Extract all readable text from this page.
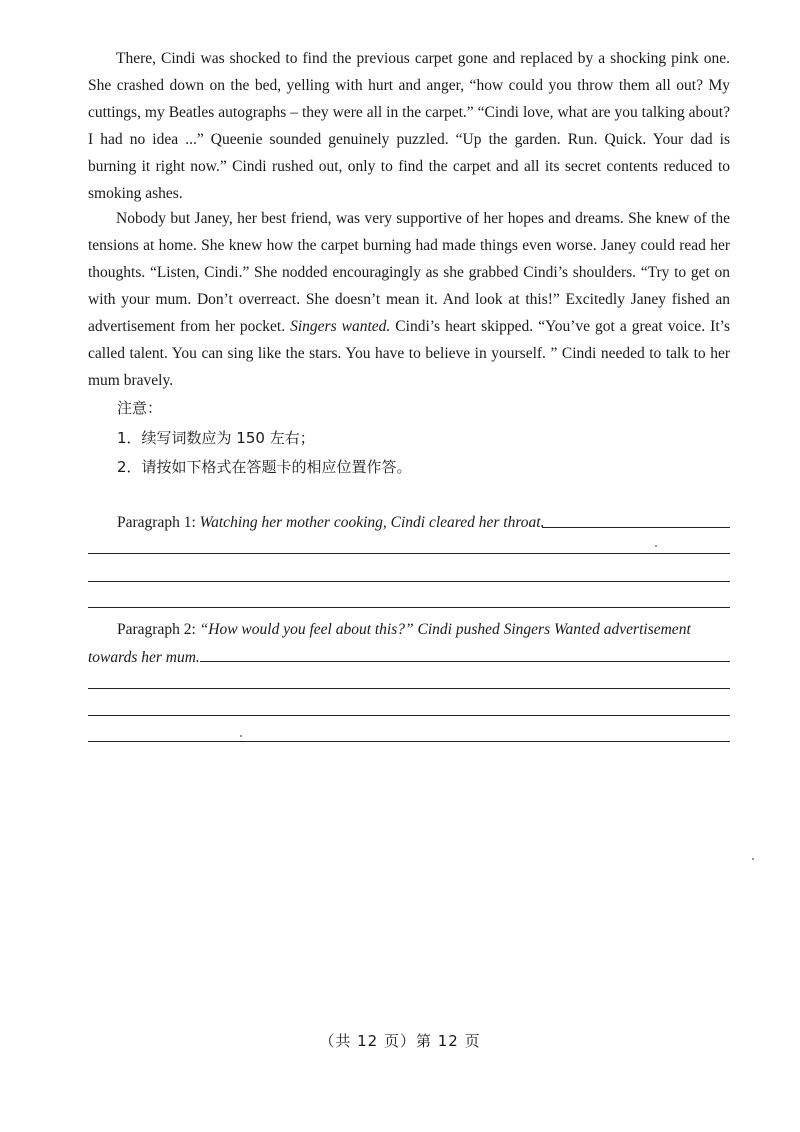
There, Cindi was shocked to find the previous carpet gone and replaced by a shocking pink one. She crashed down on the bed, yelling with hurt and anger, “how could you throw them all out? My cuttings, my Beatles autographs – they were all in the carpet.” “Cindi love, what are you talking about? I had no idea ...” Queenie sounded genuinely puzzled. “Up the garden. Run. Quick. Your dad is burning it right now.” Cindi rushed out, only to find the carpet and all its secret contents reduced to smoking ashes.

Nobody but Janey, her best friend, was very supportive of her hopes and dreams. She knew of the tensions at home. She knew how the carpet burning had made things even worse. Janey could read her thoughts. “Listen, Cindi.” She nodded encouragingly as she grabbed Cindi’s shoulders. “Try to get on with your mum. Don’t overreact. She doesn’t mean it. And look at this!” Excitedly Janey fished an advertisement from her pocket. Singers wanted. Cindi’s heart skipped. “You’ve got a great voice. It’s called talent. You can sing like the stars. You have to believe in yourself. ” Cindi needed to talk to her mum bravely.

注意：
1．续写词数应为 150 左右；
2．请按如下格式在答题卡的相应位置作答。
Paragraph 1: Watching her mother cooking, Cindi cleared her throat.
Paragraph 2: “How would you feel about this?” Cindi pushed Singers Wanted advertisement
towards her mum.
（共 12 页）第 12 页
